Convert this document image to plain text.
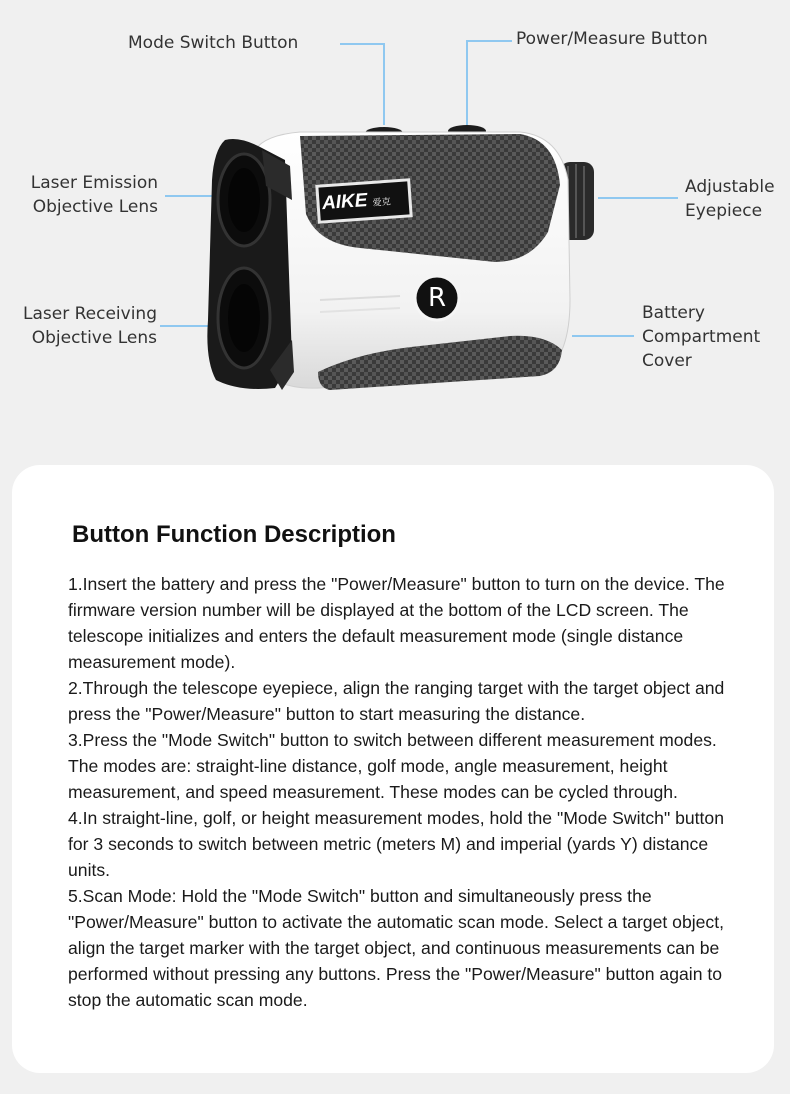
Mode Switch Button	Power/Measure Button
Laser Emission
Objective Lens
Laser Receiving
Objective Lens
Adjustable
Eyepiece
Battery
Compartment
Cover
AIKE 爱克
R
Button Function Description

1.Insert the battery and press the "Power/Measure" button to turn on the device. The firmware version number will be displayed at the bottom of the LCD screen. The telescope initializes and enters the default measurement mode (single distance measurement mode).

2.Through the telescope eyepiece, align the ranging target with the target object and press the "Power/Measure" button to start measuring the distance.

3.Press the "Mode Switch" button to switch between different measurement modes. The modes are: straight-line distance, golf mode, angle measurement, height measurement, and speed measurement. These modes can be cycled through.

4.In straight-line, golf, or height measurement modes, hold the "Mode Switch" button for 3 seconds to switch between metric (meters M) and imperial (yards Y) distance units.

5.Scan Mode: Hold the "Mode Switch" button and simultaneously press the "Power/Measure" button to activate the automatic scan mode. Select a target object, align the target marker with the target object, and continuous measurements can be performed without pressing any buttons. Press the "Power/Measure" button again to stop the automatic scan mode.
